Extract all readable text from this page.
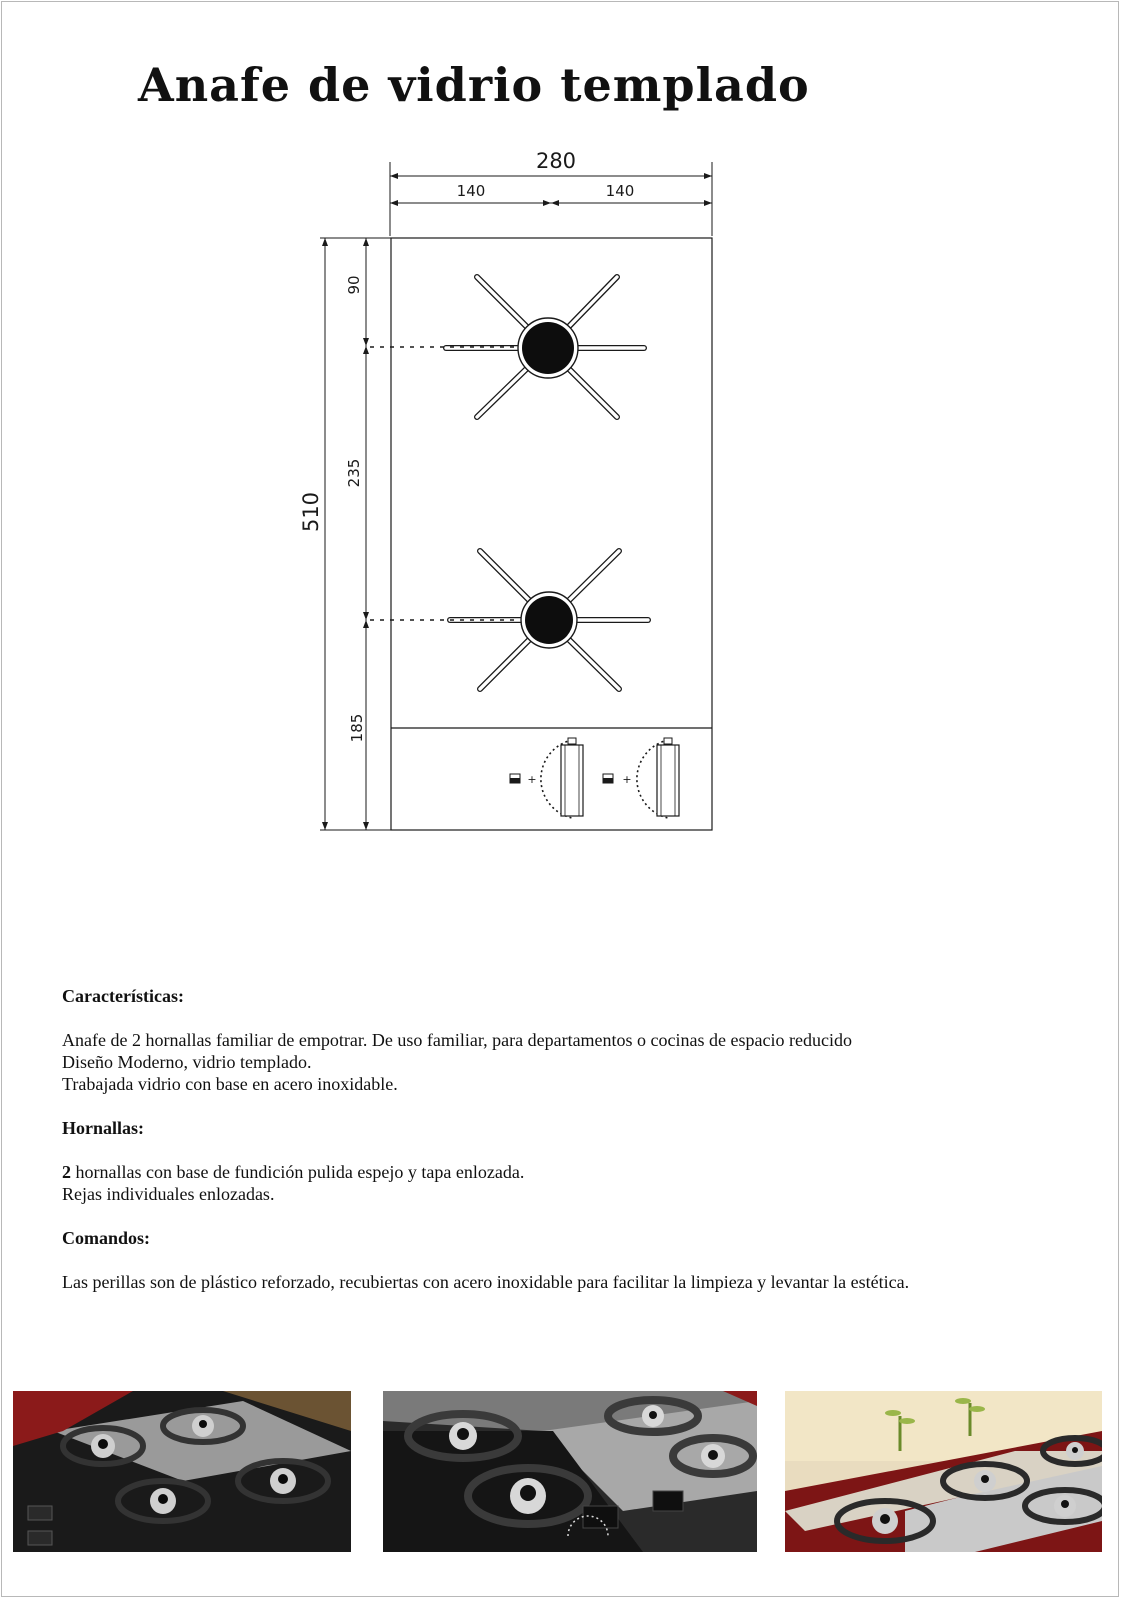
Anafe de vidrio templado
280
140	140
510
90
235
185
+	+
Características:

Anafe de 2 hornallas familiar de empotrar. De uso familiar, para departamentos o cocinas de espacio reducido

Diseño Moderno, vidrio templado.

Trabajada vidrio con base en acero inoxidable.

Hornallas:

2 hornallas con base de fundición pulida espejo y tapa enlozada.

Rejas individuales enlozadas.

Comandos:

Las perillas son de plástico reforzado, recubiertas con acero inoxidable para facilitar la limpieza y levantar la estética.
